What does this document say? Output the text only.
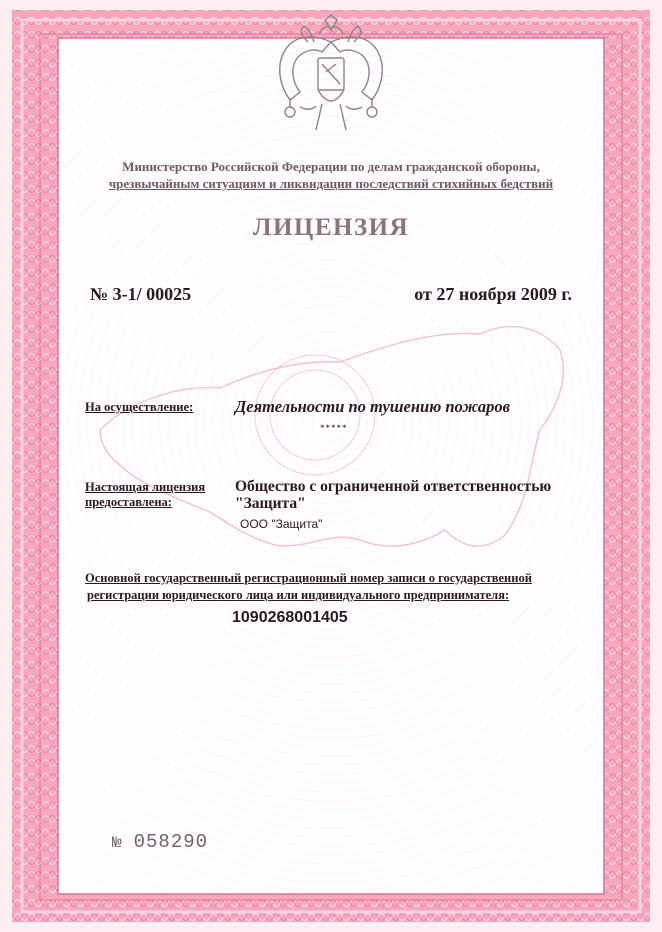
Министерство Российской Федерации по делам гражданской обороны,
чрезвычайным ситуациям и ликвидации последствий стихийных бедствий
ЛИЦЕНЗИЯ
№ 3-1/ 00025	от 27 ноября 2009 г.
На осуществление:	Деятельности по тушению пожаров
*****
Настоящая лицензия
предоставлена:
Общество с ограниченной ответственностью
"Защита"
ООО "Защита"
Основной государственный регистрационный номер записи о государственной
регистрации юридического лица или индивидуального предпринимателя:
1090268001405
№ 058290
